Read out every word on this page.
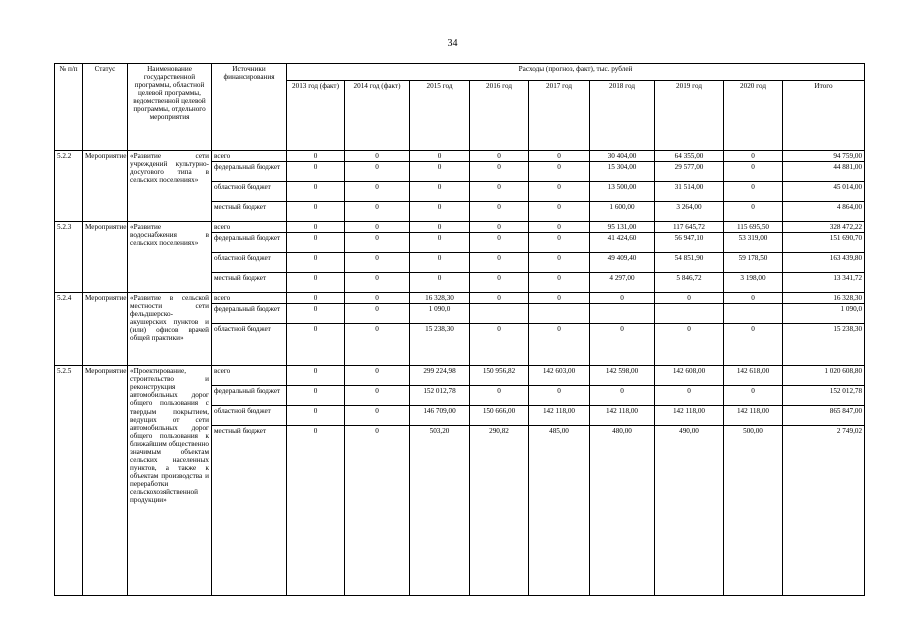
34
№ п/п	Статус	Наименование государственной программы, областной целевой программы, ведомственной целевой программы, отдельного мероприятия	Источники финансирования	Расходы (прогноз, факт), тыс. рублей								
				2013 год (факт)	2014 год (факт)	2015 год	2016 год	2017 год	2018 год	2019 год	2020 год	Итого
5.2.2	Мероприятие	«Развитие сети учреждений культурно-досугового типа в сельских поселениях»	всего	0	0	0	0	0	30 404,00	64 355,00	0	94 759,00
			федеральный бюджет	0	0	0	0	0	15 304,00	29 577,00	0	44 881,00
			областной бюджет	0	0	0	0	0	13 500,00	31 514,00	0	45 014,00
			местный бюджет	0	0	0	0	0	1 600,00	3 264,00	0	4 864,00
5.2.3	Мероприятие	«Развитие водоснабжения в сельских поселениях»	всего	0	0	0	0	0	95 131,00	117 645,72	115 695,50	328 472,22
			федеральный бюджет	0	0	0	0	0	41 424,60	56 947,10	53 319,00	151 690,70
			областной бюджет	0	0	0	0	0	49 409,40	54 851,90	59 178,50	163 439,80
			местный бюджет	0	0	0	0	0	4 297,00	5 846,72	3 198,00	13 341,72
5.2.4	Мероприятие	«Развитие в сельской местности сети фельдшерско-акушерских пунктов и (или) офисов врачей общей практики»	всего	0	0	16 328,30	0	0	0	0	0	16 328,30
			федеральный бюджет	0	0	1 090,0						1 090,0
			областной бюджет	0	0	15 238,30	0	0	0	0	0	15 238,30
5.2.5	Мероприятие	«Проектирование, строительство и реконструкция автомобильных дорог общего пользования с твердым покрытием, ведущих от сети автомобильных дорог общего пользования к ближайшим общественно значимым объектам сельских населенных пунктов, а также к объектам производства и переработки сельскохозяйственной продукции»	всего	0	0	299 224,98	150 956,82	142 603,00	142 598,00	142 608,00	142 618,00	1 020 608,80
			федеральный бюджет	0	0	152 012,78	0	0	0	0	0	152 012,78
			областной бюджет	0	0	146 709,00	150 666,00	142 118,00	142 118,00	142 118,00	142 118,00	865 847,00
			местный бюджет	0	0	503,20	290,82	485,00	480,00	490,00	500,00	2 749,02
